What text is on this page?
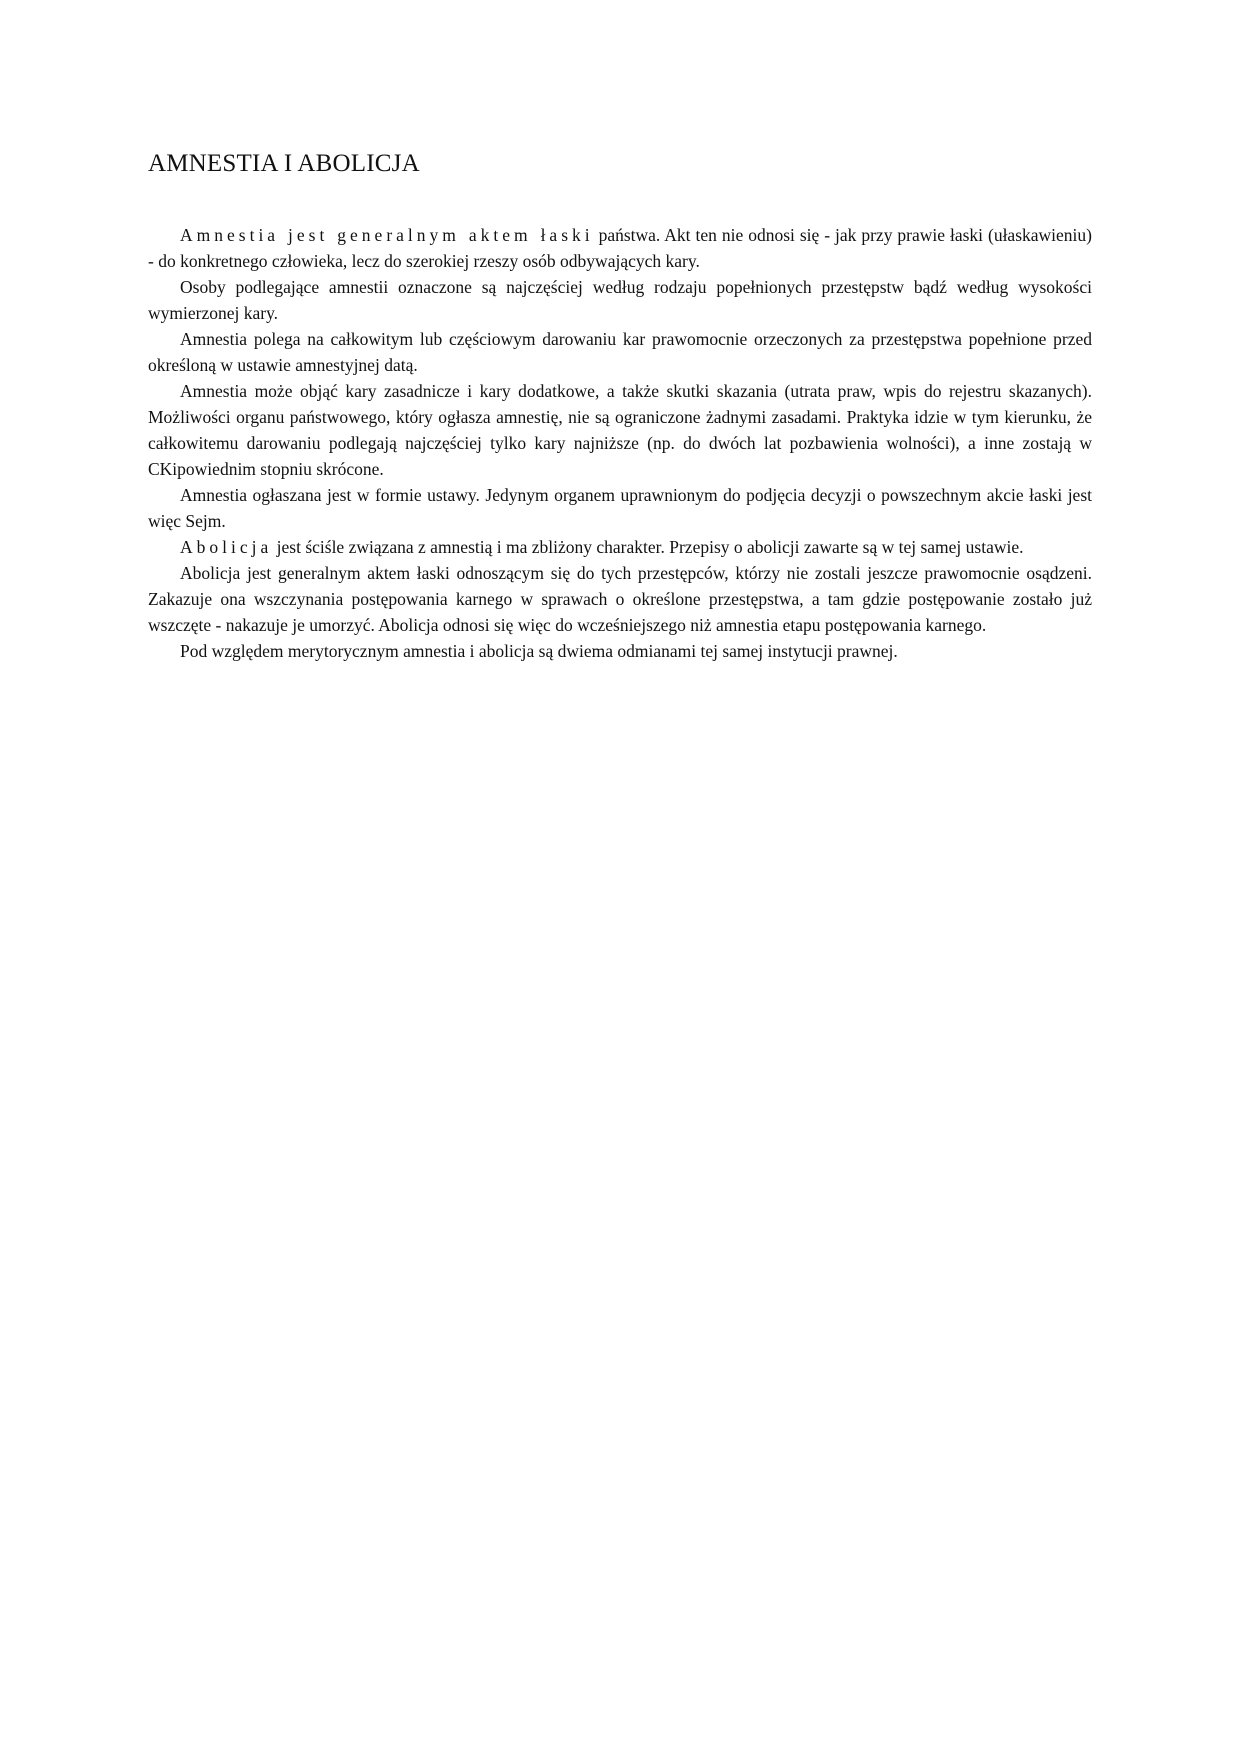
AMNESTIA I ABOLICJA

Amnestia jest generalnym aktem łaski państwa. Akt ten nie odnosi się - jak przy prawie łaski (ułaskawieniu) - do konkretnego człowieka, lecz do szerokiej rzeszy osób odbywających kary.

Osoby podlegające amnestii oznaczone są najczęściej według rodzaju popełnionych przestępstw bądź według wysokości wymierzonej kary.

Amnestia polega na całkowitym lub częściowym darowaniu kar prawomocnie orzeczonych za przestępstwa popełnione przed określoną w ustawie amnestyjnej datą.

Amnestia może objąć kary zasadnicze i kary dodatkowe, a także skutki skazania (utrata praw, wpis do rejestru skazanych). Możliwości organu państwowego, który ogłasza amnestię, nie są ograniczone żadnymi zasadami. Praktyka idzie w tym kierunku, że całkowitemu darowaniu podlegają najczęściej tylko kary najniższe (np. do dwóch lat pozbawienia wolności), a inne zostają w CKipowiednim stopniu skrócone.

Amnestia ogłaszana jest w formie ustawy. Jedynym organem uprawnionym do podjęcia decyzji o powszechnym akcie łaski jest więc Sejm.

Abolicja jest ściśle związana z amnestią i ma zbliżony charakter. Przepisy o abolicji zawarte są w tej samej ustawie.

Abolicja jest generalnym aktem łaski odnoszącym się do tych przestępców, którzy nie zostali jeszcze prawomocnie osądzeni. Zakazuje ona wszczynania postępowania karnego w sprawach o określone przestępstwa, a tam gdzie postępowanie zostało już wszczęte - nakazuje je umorzyć. Abolicja odnosi się więc do wcześniejszego niż amnestia etapu postępowania karnego.

Pod względem merytorycznym amnestia i abolicja są dwiema odmianami tej samej instytucji prawnej.
